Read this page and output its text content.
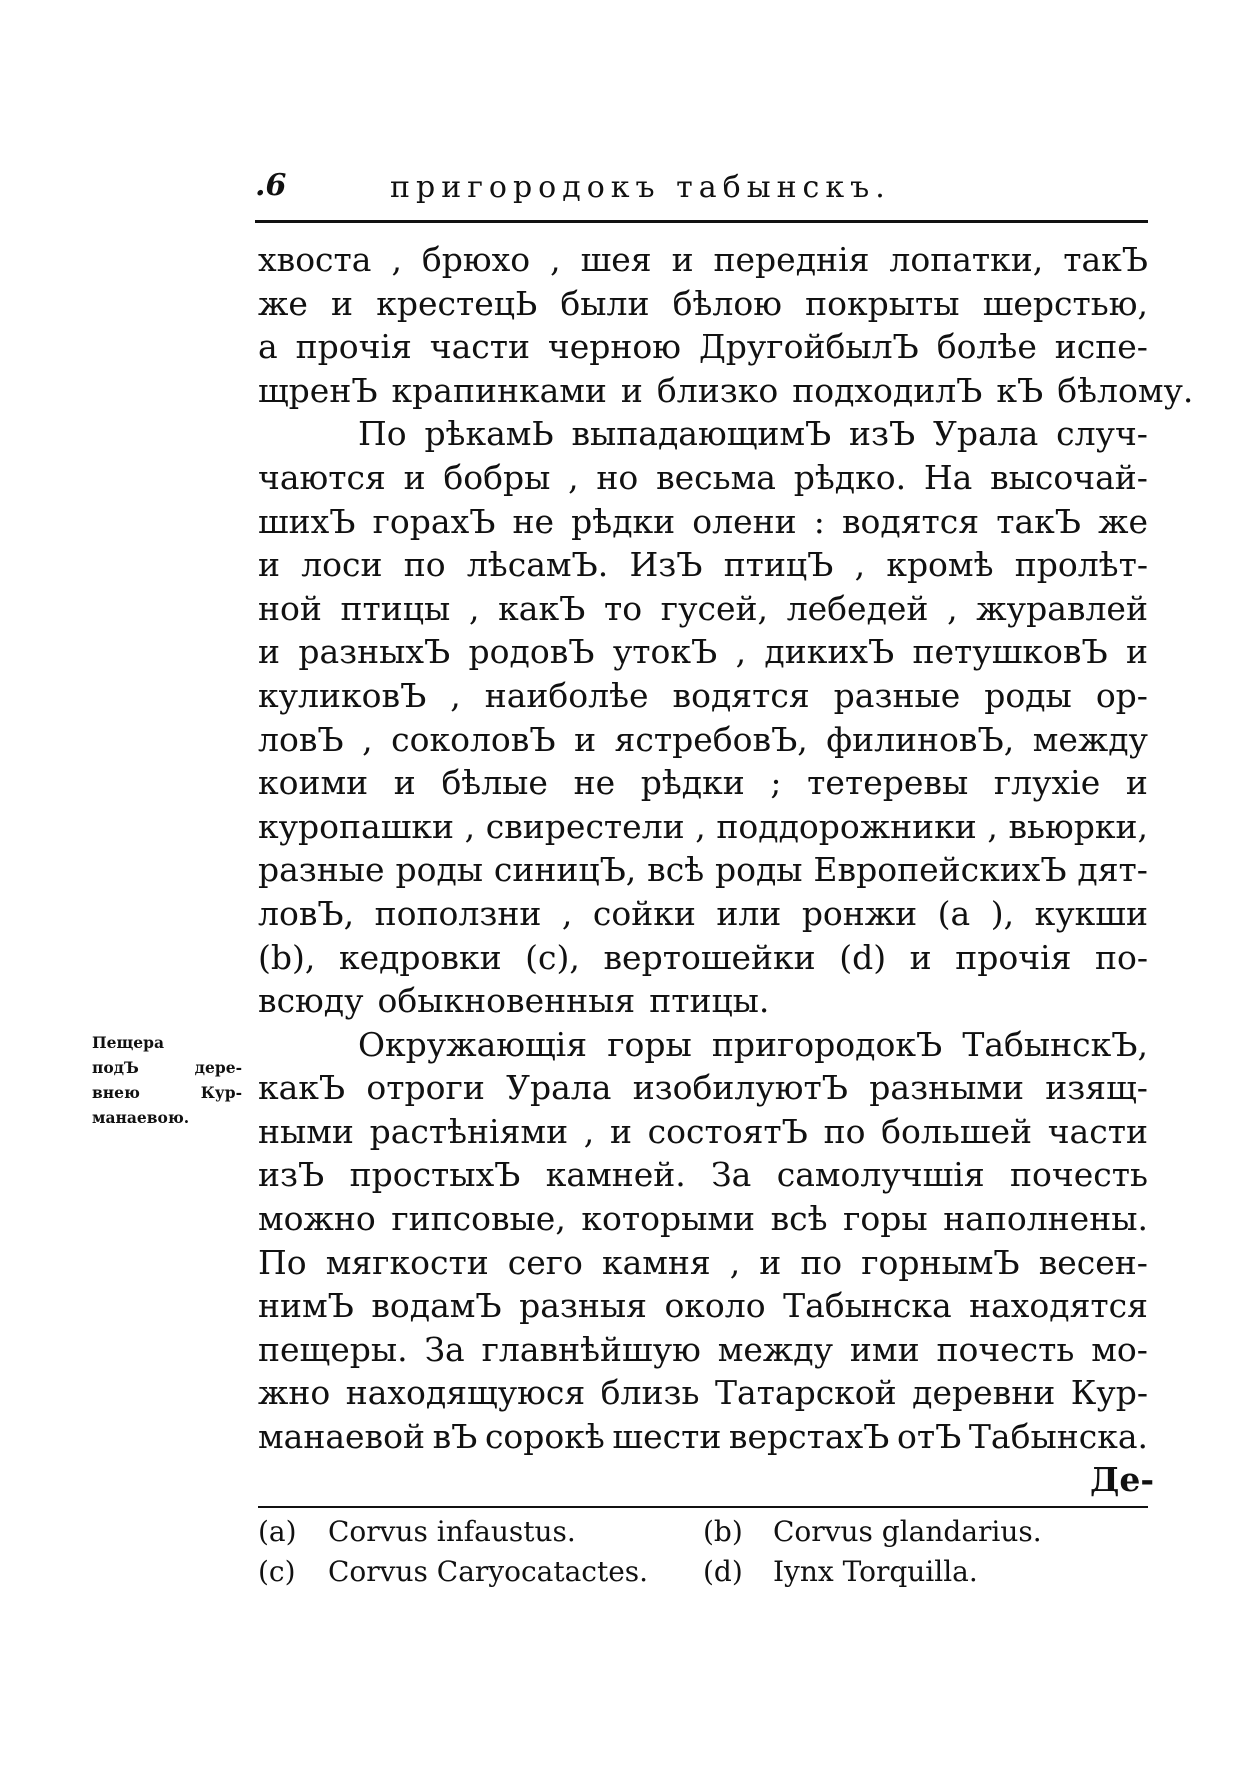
.6	пригородокъ табынскъ.
хвоста , брюхо , шея и переднія лопатки, такЪ
же и крестецЬ были бѣлою покрыты шерстью,
а прочія части черною ДругойбылЪ болѣе испе-
щренЪ крапинками и близко подходилЪ кЪ бѣлому.
По рѣкамЬ выпадающимЪ изЪ Урала случ-
чаются и бобры , но весьма рѣдко. На высочай-
шихЪ горахЪ не рѣдки олени : водятся такЪ же
и лоси по лѣсамЪ. ИзЪ птицЪ , кромѣ пролѣт-
ной птицы , какЪ то гусей, лебедей , журавлей
и разныхЪ родовЪ утокЪ , дикихЪ петушковЪ и
куликовЪ , наиболѣе водятся разные роды ор-
ловЪ , соколовЪ и ястребовЪ, филиновЪ, между
коими и бѣлые не рѣдки ; тетеревы глухіе и
куропашки , свирестели , поддорожники , вьюрки,
разные роды синицЪ, всѣ роды ЕвропейскихЪ дят-
ловЪ, поползни , сойки или ронжи (a ), кукши
(b), кедровки (c), вертошейки (d) и прочія по-
всюду обыкновенныя птицы.
Окружающія горы пригородокЪ ТабынскЪ,
какЪ отроги Урала изобилуютЪ разными изящ-
ными растѣніями , и состоятЪ по большей части
изЪ простыхЪ камней. За самолучшія почесть
можно гипсовые, которыми всѣ горы наполнены.
По мягкости сего камня , и по горнымЪ весен-
нимЪ водамЪ разныя около Табынска находятся
пещеры. За главнѣйшую между ими почесть мо-
жно находящуюся близь Татарской деревни Кур-
манаевой вЪ сорокѣ шести верстахЪ отЪ Табынска.
Пещера
подЪ	дере-
внею	Кур-
манаевою.
Де-
(a)	Corvus infaustus.	(b)	Corvus glandarius.
(c)	Corvus Caryocatactes.	(d)	Iynx Torquilla.
